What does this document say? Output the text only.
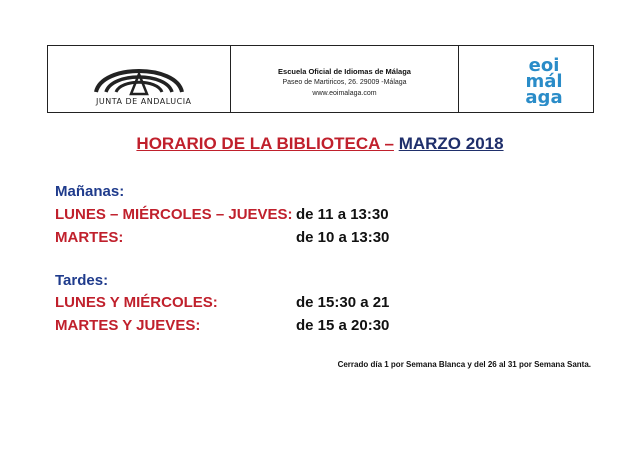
JUNTA DE ANDALUCIA
Escuela Oficial de Idiomas de Málaga
Paseo de Martiricos, 26. 29009 -Málaga
www.eoimalaga.com
eoi
mál
aga
HORARIO DE LA BIBLIOTECA – MARZO 2018
Mañanas:
LUNES – MIÉRCOLES – JUEVES: de 11 a 13:30
MARTES:	de 10 a 13:30
Tardes:
LUNES Y MIÉRCOLES:	de 15:30 a 21
MARTES Y JUEVES:	de 15 a 20:30
Cerrado día 1 por Semana Blanca y del 26 al 31 por Semana Santa.
